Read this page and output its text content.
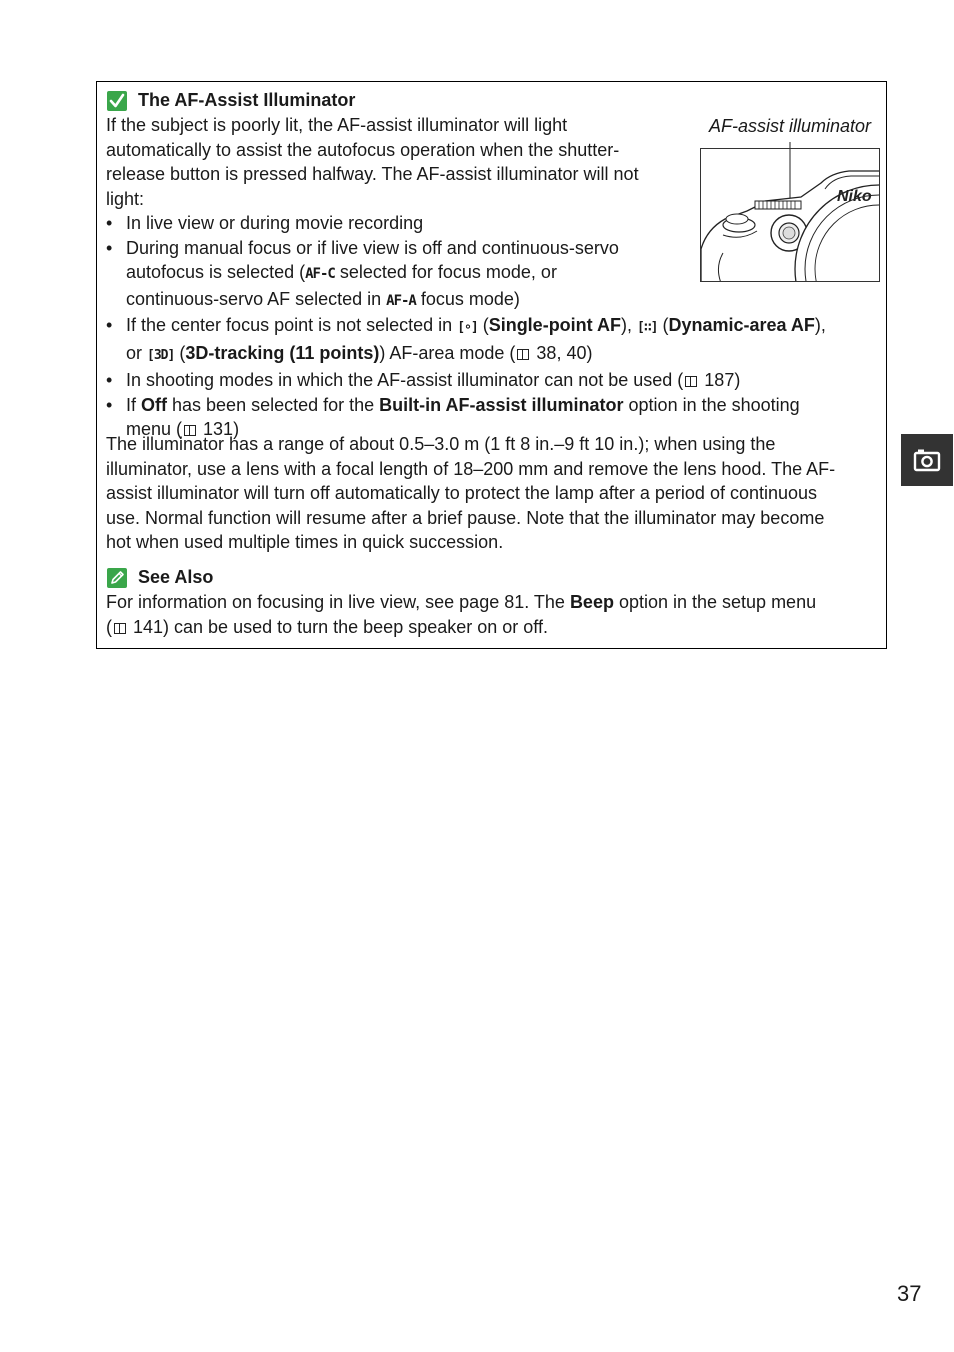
The AF-Assist Illuminator
If the subject is poorly lit, the AF-assist illuminator will light
automatically to assist the autofocus operation when the shutter-
release button is pressed halfway. The AF-assist illuminator will not
light:
• In live view or during movie recording
• During manual focus or if live view is off and continuous-servo
autofocus is selected (AF-C selected for focus mode, or
continuous-servo AF selected in AF-A focus mode)
• If the center focus point is not selected in [∘] (Single-point AF), [∷] (Dynamic-area AF),
or [3D] (3D-tracking (11 points)) AF-area mode ( 38, 40)
• In shooting modes in which the AF-assist illuminator can not be used ( 187)
• If Off has been selected for the Built-in AF-assist illuminator option in the shooting
menu ( 131)
The illuminator has a range of about 0.5–3.0 m (1 ft 8 in.–9 ft 10 in.); when using the
illuminator, use a lens with a focal length of 18–200 mm and remove the lens hood. The AF-
assist illuminator will turn off automatically to protect the lamp after a period of continuous
use. Normal function will resume after a brief pause. Note that the illuminator may become
hot when used multiple times in quick succession.
AF-assist illuminator
Niko
See Also
For information on focusing in live view, see page 81. The Beep option in the setup menu
( 141) can be used to turn the beep speaker on or off.
37
